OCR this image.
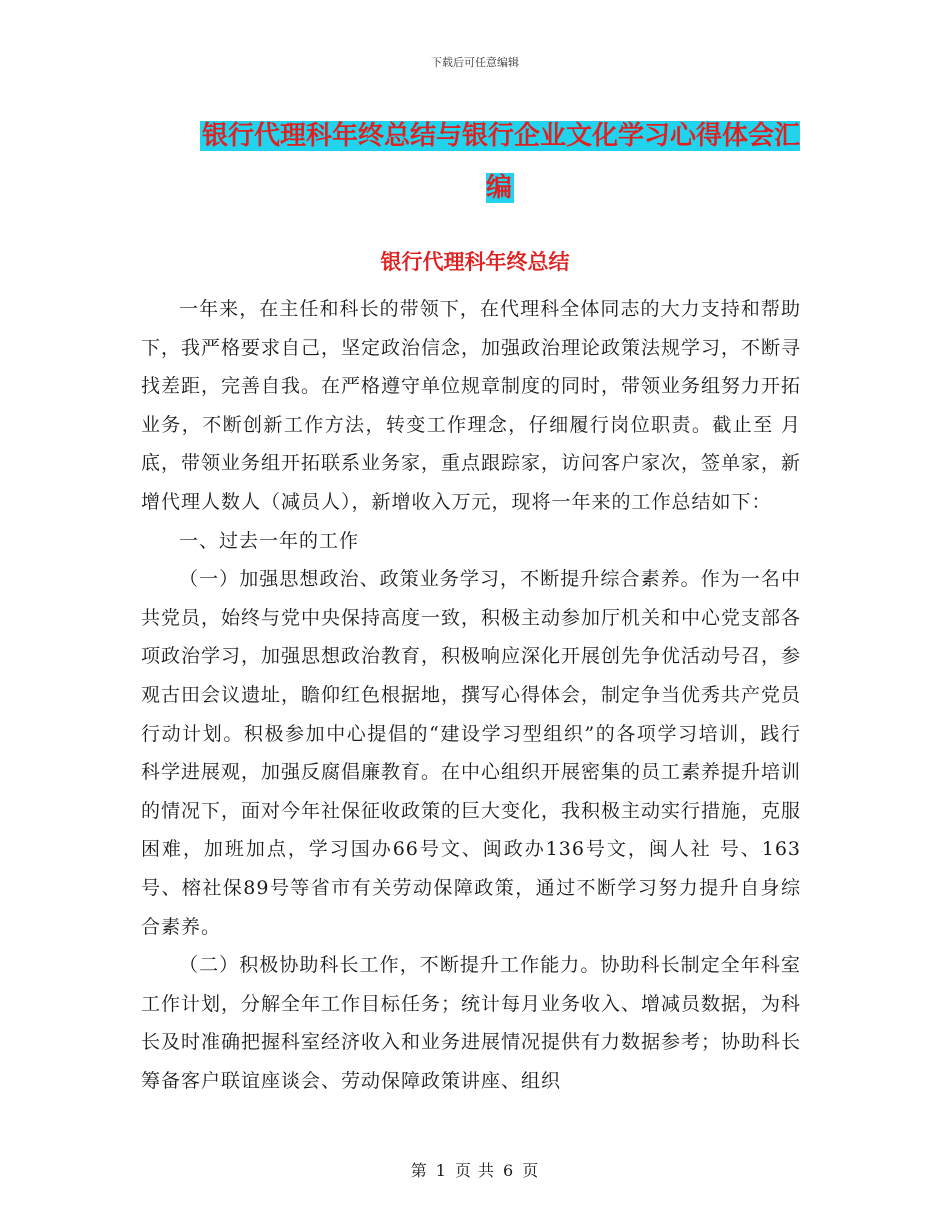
下载后可任意编辑
银行代理科年终总结与银行企业文化学习心得体会汇编
银行代理科年终总结

一年来，在主任和科长的带领下，在代理科全体同志的大力支持和帮助下，我严格要求自己，坚定政治信念，加强政治理论政策法规学习，不断寻找差距，完善自我。在严格遵守单位规章制度的同时，带领业务组努力开拓业务，不断创新工作方法，转变工作理念，仔细履行岗位职责。截止至 月底，带领业务组开拓联系业务家，重点跟踪家，访问客户家次，签单家，新增代理人数人（减员人），新增收入万元，现将一年来的工作总结如下：

一、过去一年的工作

（一）加强思想政治、政策业务学习，不断提升综合素养。作为一名中共党员，始终与党中央保持高度一致，积极主动参加厅机关和中心党支部各项政治学习，加强思想政治教育，积极响应深化开展创先争优活动号召，参观古田会议遗址，瞻仰红色根据地，撰写心得体会，制定争当优秀共产党员行动计划。积极参加中心提倡的“建设学习型组织”的各项学习培训，践行科学进展观，加强反腐倡廉教育。在中心组织开展密集的员工素养提升培训的情况下，面对今年社保征收政策的巨大变化，我积极主动实行措施，克服困难，加班加点，学习国办66号文、闽政办136号文，闽人社 号、163号、榕社保89号等省市有关劳动保障政策，通过不断学习努力提升自身综合素养。

（二）积极协助科长工作，不断提升工作能力。协助科长制定全年科室工作计划，分解全年工作目标任务；统计每月业务收入、增减员数据，为科长及时准确把握科室经济收入和业务进展情况提供有力数据参考；协助科长筹备客户联谊座谈会、劳动保障政策讲座、组织

第 1 页 共 6 页
